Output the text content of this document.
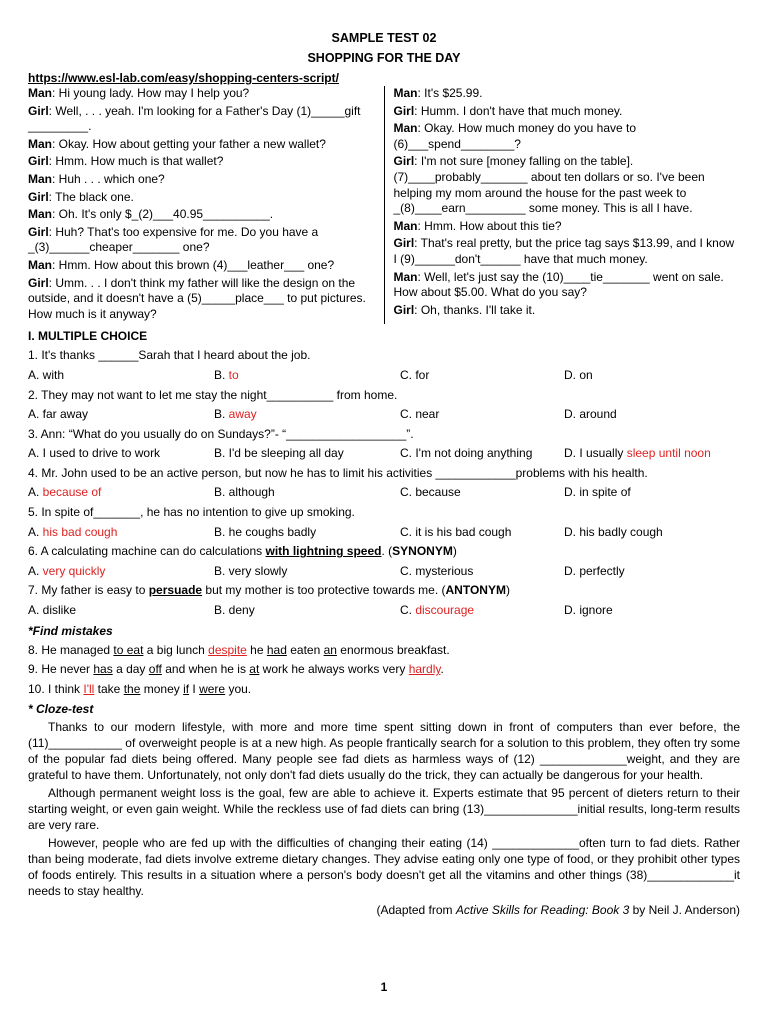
SAMPLE TEST 02
SHOPPING FOR THE DAY
https://www.esl-lab.com/easy/shopping-centers-script/
Man: Hi young lady. How may I help you?
Girl: Well, . . . yeah. I'm looking for a Father's Day (1)_____gift _________.
Man: Okay. How about getting your father a new wallet?
Girl: Hmm. How much is that wallet?
Man: Huh . . . which one?
Girl: The black one.
Man: Oh. It's only $_(2)___40.95__________.
Girl: Huh? That's too expensive for me. Do you have a _(3)______cheaper_______ one?
Man: Hmm. How about this brown (4)___leather___ one?
Girl: Umm. . . I don't think my father will like the design on the outside, and it doesn't have a (5)_____place___ to put pictures. How much is it anyway?
Man: It's $25.99.
Girl: Humm. I don't have that much money.
Man: Okay. How much money do you have to (6)___spend________?
Girl: I'm not sure [money falling on the table]. (7)____probably_______ about ten dollars or so. I've been helping my mom around the house for the past week to _(8)____earn_________ some money. This is all I have.
Man: Hmm. How about this tie?
Girl: That's real pretty, but the price tag says $13.99, and I know I (9)______don't______ have that much money.
Man: Well, let's just say the (10)____tie_______ went on sale. How about $5.00. What do you say?
Girl: Oh, thanks. I'll take it.
I. MULTIPLE CHOICE
1. It's thanks ______Sarah that I heard about the job.
A. with	B. to	C. for	D. on
2. They may not want to let me stay the night__________ from home.
A. far away	B. away	C. near	D. around
3. Ann: “What do you usually do on Sundays?”- “__________________”.
A. I used to drive to work	B. I'd be sleeping all day	C. I'm not doing anything	D. I usually sleep until noon
4. Mr. John used to be an active person, but now he has to limit his activities ____________problems with his health.
A. because of	B. although	C. because	D. in spite of
5. In spite of_______, he has no intention to give up smoking.
A. his bad cough	B. he coughs badly	C. it is his bad cough	D. his badly cough
6. A calculating machine can do calculations with lightning speed. (SYNONYM)
A. very quickly	B. very slowly	C. mysterious	D. perfectly
7. My father is easy to persuade but my mother is too protective towards me. (ANTONYM)
A. dislike	B. deny	C. discourage	D. ignore
*Find mistakes
8. He managed to eat a big lunch despite he had eaten an enormous breakfast.
9. He never has a day off and when he is at work he always works very hardly.
10. I think I'll take the money if I were you.
* Cloze-test

Thanks to our modern lifestyle, with more and more time spent sitting down in front of computers than ever before, the (11)___________ of overweight people is at a new high. As people frantically search for a solution to this problem, they often try some of the popular fad diets being offered. Many people see fad diets as harmless ways of (12) _____________weight, and they are grateful to have them. Unfortunately, not only don't fad diets usually do the trick, they can actually be dangerous for your health.

Although permanent weight loss is the goal, few are able to achieve it. Experts estimate that 95 percent of dieters return to their starting weight, or even gain weight. While the reckless use of fad diets can bring (13)______________initial results, long-term results are very rare.

However, people who are fed up with the difficulties of changing their eating (14) _____________often turn to fad diets. Rather than being moderate, fad diets involve extreme dietary changes. They advise eating only one type of food, or they prohibit other types of foods entirely. This results in a situation where a person's body doesn't get all the vitamins and other things (38)_____________it needs to stay healthy.

(Adapted from Active Skills for Reading: Book 3 by Neil J. Anderson)
1
